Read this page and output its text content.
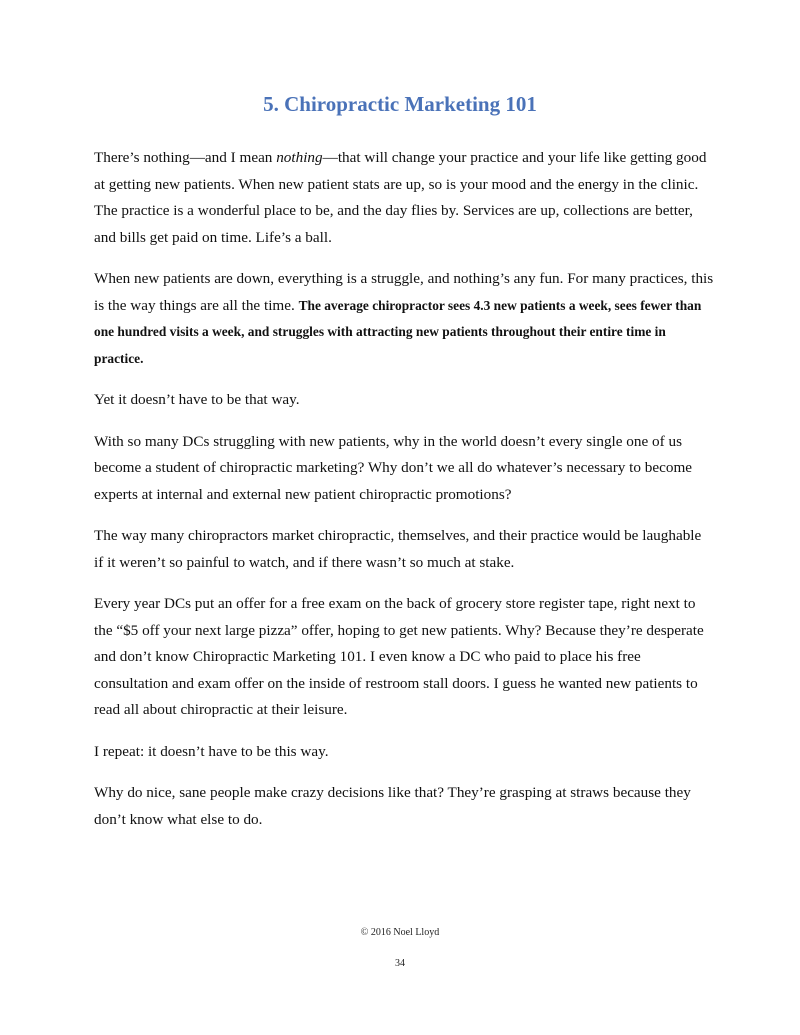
5. Chiropractic Marketing 101

There’s nothing—and I mean nothing—that will change your practice and your life like getting good at getting new patients. When new patient stats are up, so is your mood and the energy in the clinic. The practice is a wonderful place to be, and the day flies by. Services are up, collections are better, and bills get paid on time. Life’s a ball.

When new patients are down, everything is a struggle, and nothing’s any fun. For many practices, this is the way things are all the time. The average chiropractor sees 4.3 new patients a week, sees fewer than one hundred visits a week, and struggles with attracting new patients throughout their entire time in practice.

Yet it doesn’t have to be that way.

With so many DCs struggling with new patients, why in the world doesn’t every single one of us become a student of chiropractic marketing? Why don’t we all do whatever’s necessary to become experts at internal and external new patient chiropractic promotions?

The way many chiropractors market chiropractic, themselves, and their practice would be laughable if it weren’t so painful to watch, and if there wasn’t so much at stake.

Every year DCs put an offer for a free exam on the back of grocery store register tape, right next to the “$5 off your next large pizza” offer, hoping to get new patients. Why? Because they’re desperate and don’t know Chiropractic Marketing 101. I even know a DC who paid to place his free consultation and exam offer on the inside of restroom stall doors. I guess he wanted new patients to read all about chiropractic at their leisure.

I repeat: it doesn’t have to be this way.

Why do nice, sane people make crazy decisions like that? They’re grasping at straws because they don’t know what else to do.

© 2016 Noel Lloyd
34
